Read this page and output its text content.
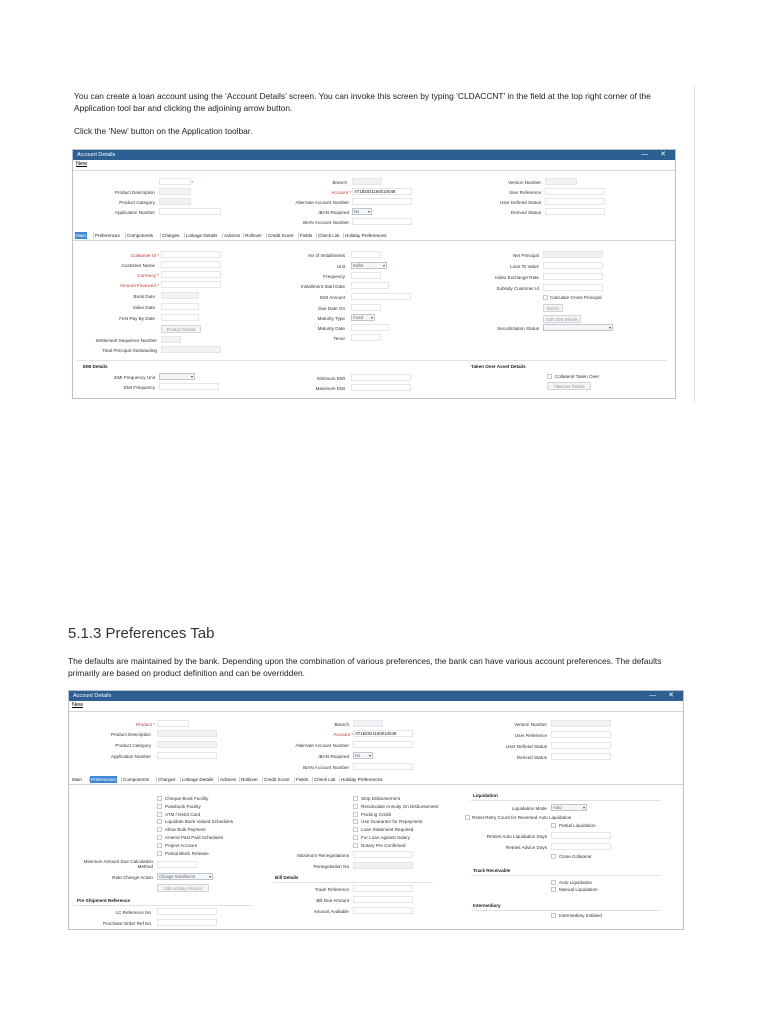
You can create a loan account using the ‘Account Details’ screen. You can invoke this screen by typing ‘CLDACCNT’ in the field at the top right corner of the
Application tool bar and clicking the adjoining arrow button.
Click the ‘New’ button on the Application toolbar.
Account Details	— ✕
New
*
Product Description
Product Category
Application Number
Branch
Account * AT1BOD1160010048
Alternate Account Number
IBAN Required	No ▾
IBAN Account Number
Version Number
User Reference
User Defined Status
Derived Status
Main Preferences Components Charges Linkage Details Advices Rollover Credit Score Fields Check List Holiday Preferences
Customer Id *
Customer Name
Currency *
Amount Financed *
Book Date
Value Date
First Pay By Date
Product Default
Settlement Sequence Number
Total Principal Outstanding
No of Installments
Unit	Bullet	▾
Frequency
Installment Start Date
EMI Amount
Due Date On
Maturity Type	Fixed ▾
Maturity Date
Tenor
Net Principal
Loan To Value
Index Exchange Rate
Subsidy Customer Id
Calculate Gross Principal
Enrich
Edit UDE Details
Securitization Status	▾
EMI Details
EMI Frequency Unit	▾
EMI Frequency
Minimum EMI
Maximum EMI
Taken Over Asset Details
Collateral Taken Over
Takeover Details
5.1.3 Preferences Tab
The defaults are maintained by the bank. Depending upon the combination of various preferences, the bank can have various account preferences. The defaults
primarily are based on product definition and can be overridden.
Account Details	— ✕
New
Product *
Product Description
Product Category
Application Number
Branch
Account	AT1BOD1160010048
Alternate Account Number
IBAN Required	No ▾
IBAN Account Number
Version Number
User Reference
User Defined Status
Derived Status
Main Preferences Components Charges Linkage Details Advices Rollover Credit Score Fields Check List Holiday Preferences
Cheque Book Facility
Passbook Facility
ATM / Debit Card
Liquidate Back Valued Schedules
Allow Bulk Payment
Amend Past Paid Schedules
Project Account
Partial Block Release
Stop Disbursement
Recalculate Annuity On Disbursement
Packing Credit
Use Guarantor for Repayment
Loan Statement Required
For Loan Against Salary
Notary Pre Confirmed
Minimum Amount Due Calculation
Method
Rate Change Action	Change Installment	▾
Edit Holiday Periods
Pre Shipment Reference
LC Reference No
Purchase Order Ref No
Maximum Renegotiations
Renegotiation No
Bill Details
Trade Reference
Bill Due Amount
Amount Available
Liquidation
Liquidation Mode	Auto	▾
Reset Retry Count for Reversed Auto Liquidation
Partial Liquidation
Retries Auto Liquidation Days
Retries Advice Days
Close Collateral
Track Receivable
Auto Liquidation
Manual Liquidation
Intermediary
Intermediary Initiated
